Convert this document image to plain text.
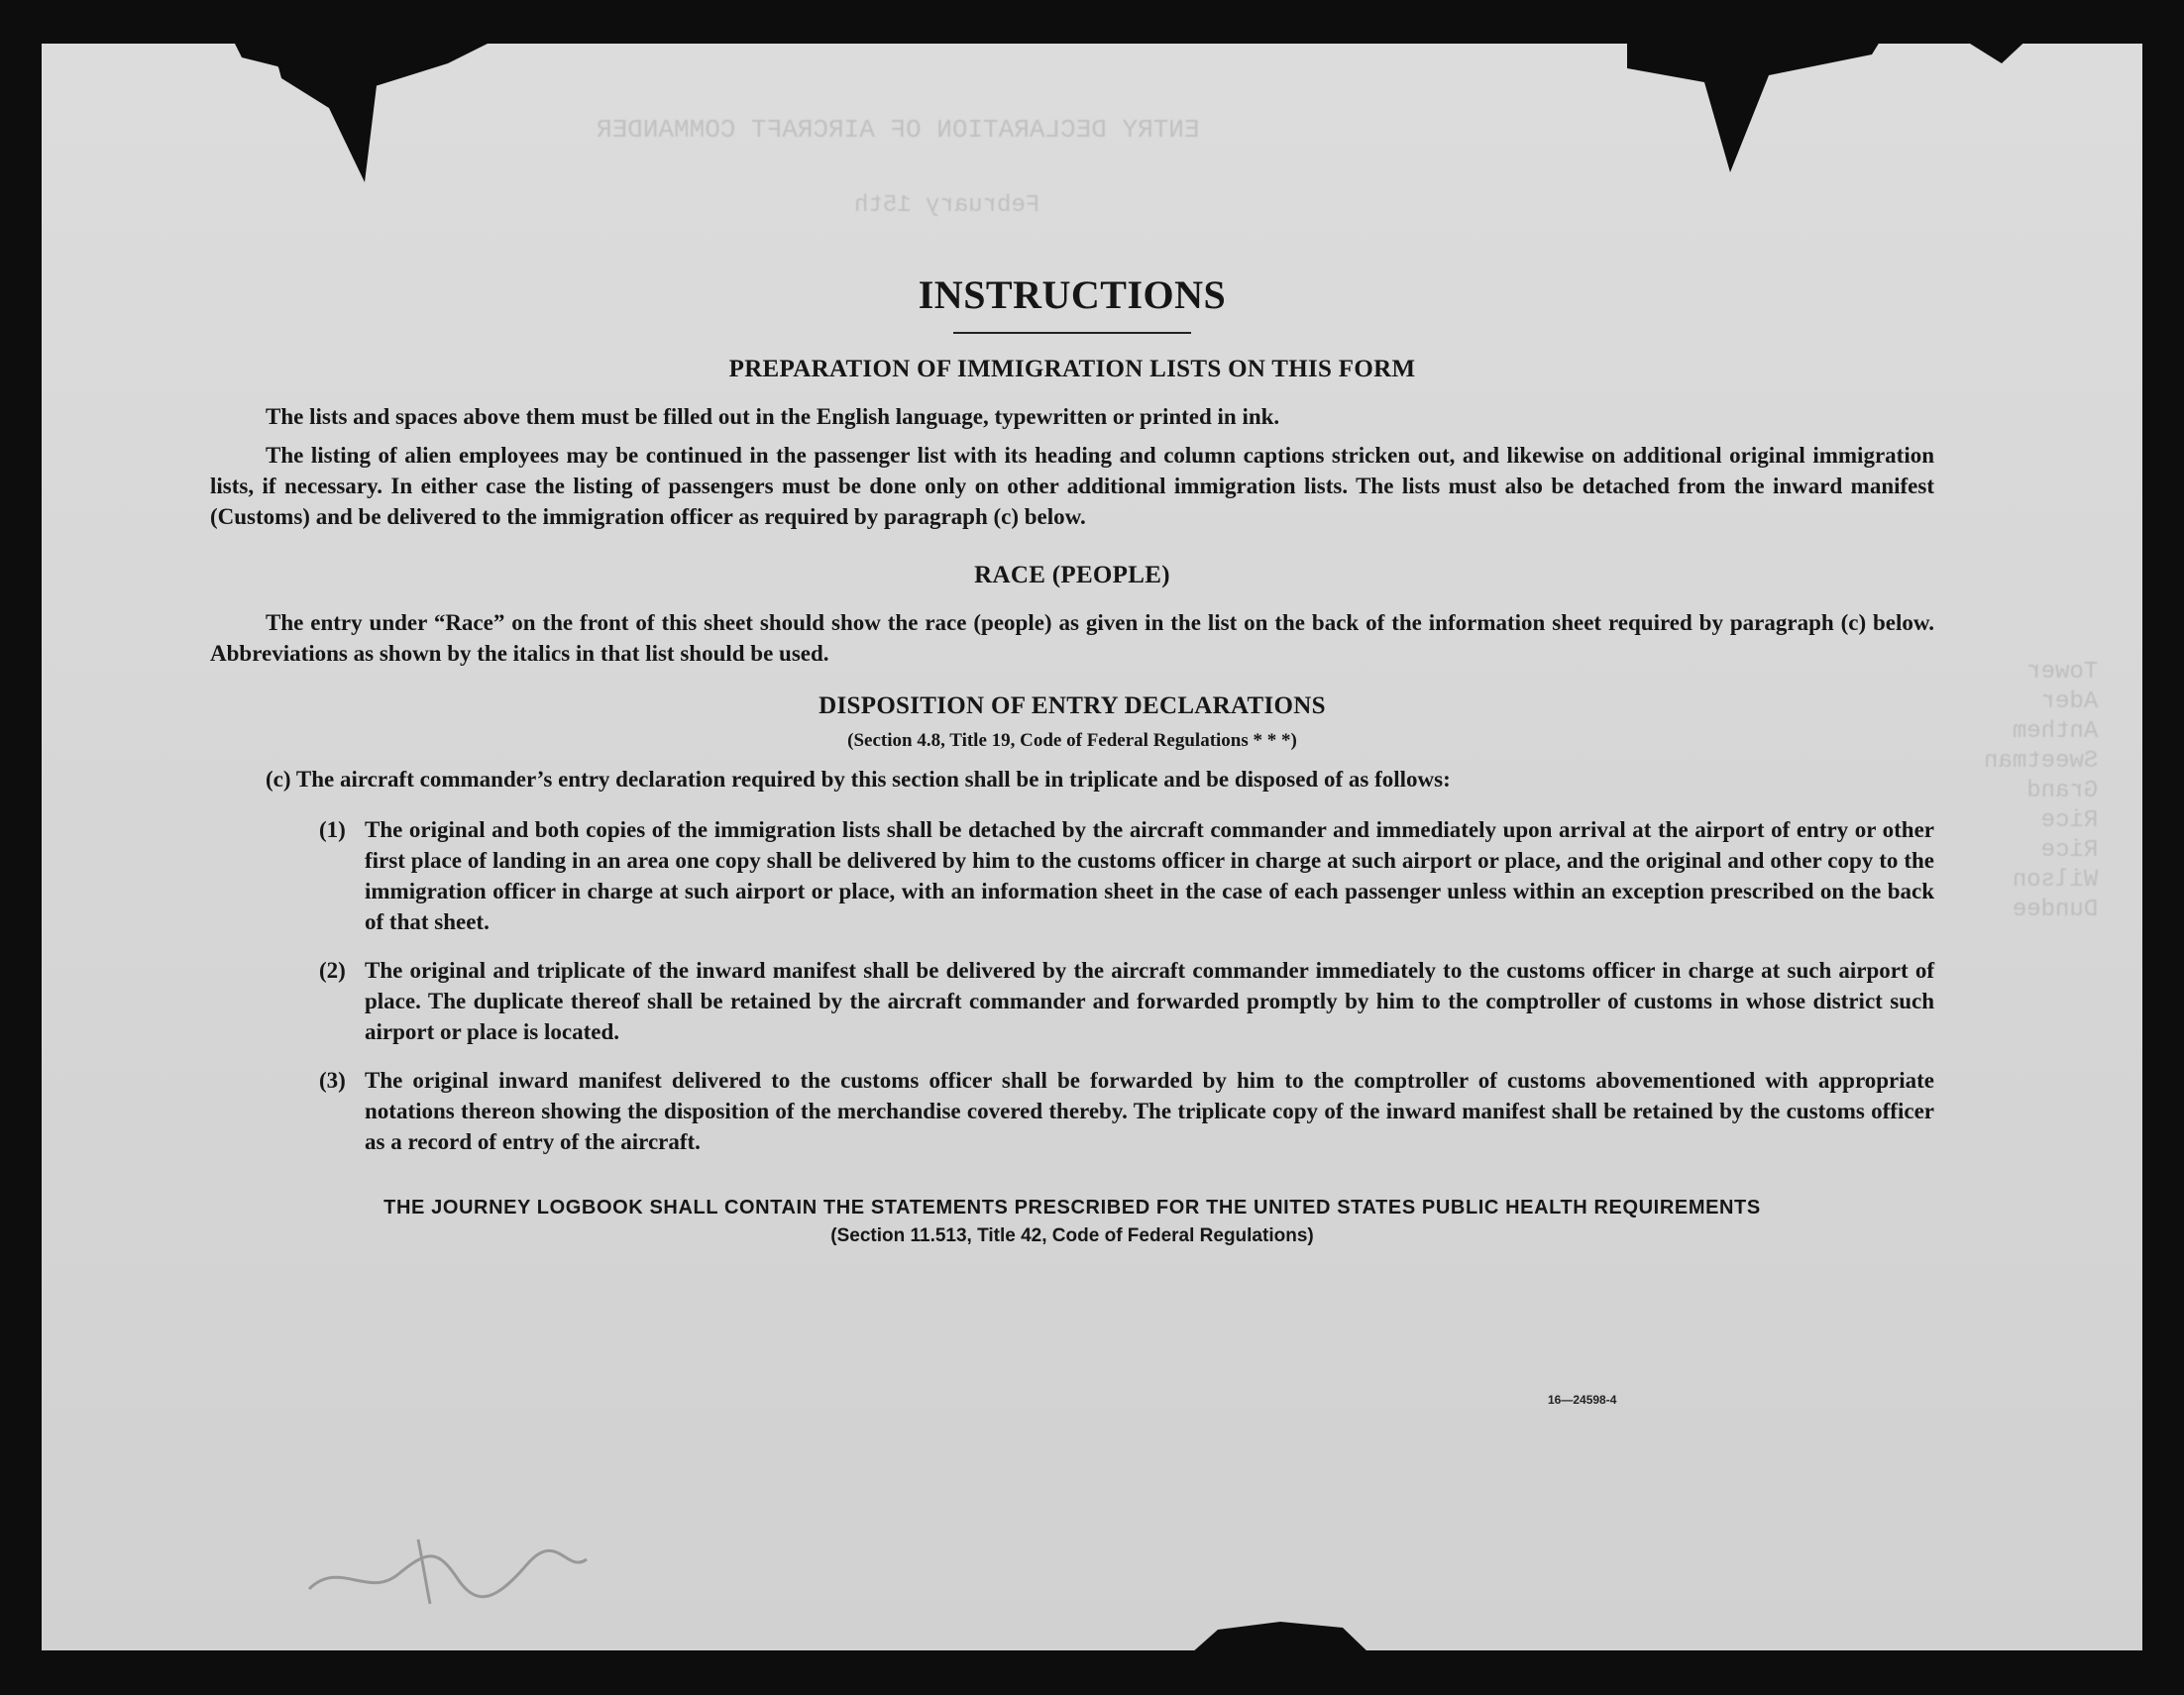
ENTRY DECLARATION OF AIRCRAFT COMMANDER
February 15th
Tower
Ader
Anthem
Sweetman
Grand
Rice
Rice
Wilson
Dundee
INSTRUCTIONS
PREPARATION OF IMMIGRATION LISTS ON THIS FORM

The lists and spaces above them must be filled out in the English language, typewritten or printed in ink.

The listing of alien employees may be continued in the passenger list with its heading and column captions stricken out, and likewise on additional original immigration lists, if necessary. In either case the listing of passengers must be done only on other additional immigration lists. The lists must also be detached from the inward manifest (Customs) and be delivered to the immigration officer as required by paragraph (c) below.

RACE (PEOPLE)

The entry under “Race” on the front of this sheet should show the race (people) as given in the list on the back of the information sheet required by paragraph (c) below. Abbreviations as shown by the italics in that list should be used.

DISPOSITION OF ENTRY DECLARATIONS
(Section 4.8, Title 19, Code of Federal Regulations * * *)

(c) The aircraft commander’s entry declaration required by this section shall be in triplicate and be disposed of as follows:

(1) The original and both copies of the immigration lists shall be detached by the aircraft commander and immediately upon arrival at the airport of entry or other first place of landing in an area one copy shall be delivered by him to the customs officer in charge at such airport or place, and the original and other copy to the immigration officer in charge at such airport or place, with an information sheet in the case of each passenger unless within an exception prescribed on the back of that sheet.
(2) The original and triplicate of the inward manifest shall be delivered by the aircraft commander immediately to the customs officer in charge at such airport of place. The duplicate thereof shall be retained by the aircraft commander and forwarded promptly by him to the comptroller of customs in whose district such airport or place is located.
(3) The original inward manifest delivered to the customs officer shall be forwarded by him to the comptroller of customs abovementioned with appropriate notations thereon showing the disposition of the merchandise covered thereby. The triplicate copy of the inward manifest shall be retained by the customs officer as a record of entry of the aircraft.
THE JOURNEY LOGBOOK SHALL CONTAIN THE STATEMENTS PRESCRIBED FOR THE UNITED STATES PUBLIC HEALTH REQUIREMENTS
(Section 11.513, Title 42, Code of Federal Regulations)
16—24598-4
